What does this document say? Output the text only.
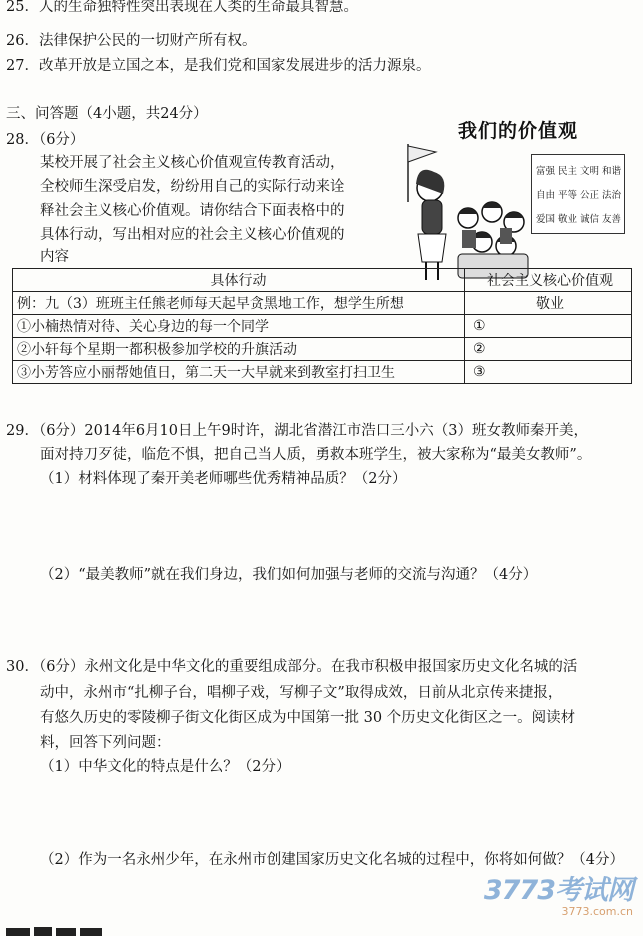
25．人的生命独特性突出表现在人类的生命最具智慧。
26．法律保护公民的一切财产所有权。
27．改革开放是立国之本，是我们党和国家发展进步的活力源泉。
三、问答题（4小题，共24分）
28．（6分）
某校开展了社会主义核心价值观宣传教育活动，
全校师生深受启发，纷纷用自己的实际行动来诠
释社会主义核心价值观。请你结合下面表格中的
具体行动，写出相对应的社会主义核心价值观的
内容
我们的价值观
富强 民主 文明 和谐
自由 平等 公正 法治
爱国 敬业 诚信 友善
具体行动	社会主义核心价值观
例：九（3）班班主任熊老师每天起早贪黑地工作，想学生所想	敬业
①小楠热情对待、关心身边的每一个同学	①
②小轩每个星期一都积极参加学校的升旗活动	②
③小芳答应小丽帮她值日，第二天一大早就来到教室打扫卫生	③
29．（6分）2014年6月10日上午9时许，湖北省潜江市浩口三小六（3）班女教师秦开美，
面对持刀歹徒，临危不惧，把自己当人质，勇救本班学生，被大家称为“最美女教师”。
（1）材料体现了秦开美老师哪些优秀精神品质？（2分）
（2）“最美教师”就在我们身边，我们如何加强与老师的交流与沟通？（4分）
30．（6分）永州文化是中华文化的重要组成部分。在我市积极申报国家历史文化名城的活
动中，永州市“扎柳子台，唱柳子戏，写柳子文”取得成效，日前从北京传来捷报，
有悠久历史的零陵柳子街文化街区成为中国第一批 30 个历史文化街区之一。阅读材
料，回答下列问题：
（1）中华文化的特点是什么？（2分）
（2）作为一名永州少年，在永州市创建国家历史文化名城的过程中，你将如何做？（4分）
3773考试网
3773.com.cn
